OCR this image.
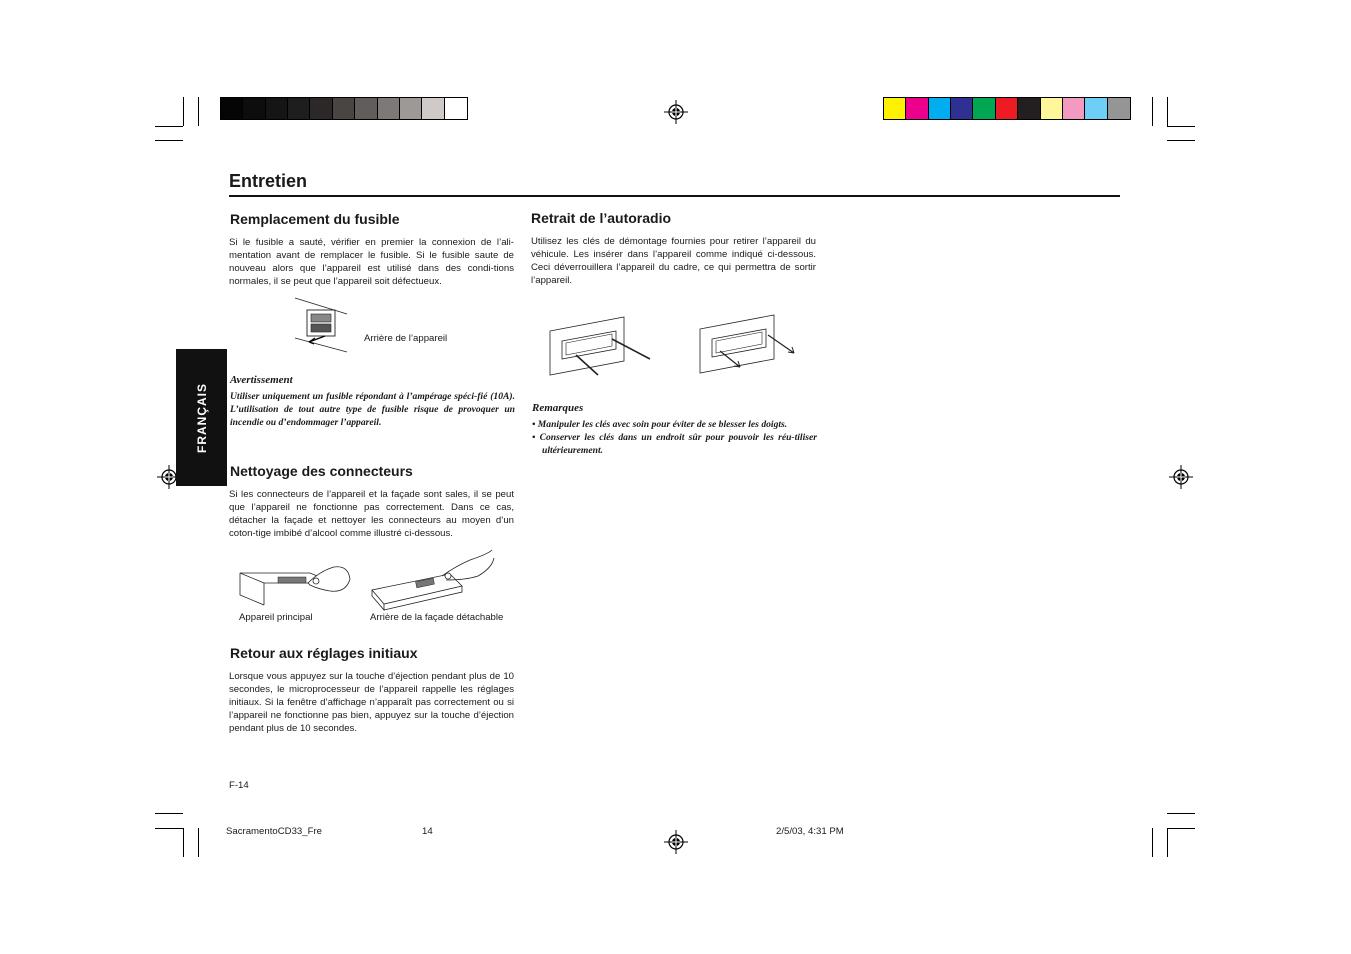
Entretien
FRANÇAIS
Remplacement du fusible

Si le fusible a sauté, vérifier en premier la connexion de l’ali-mentation avant de remplacer le fusible. Si le fusible saute de nouveau alors que l’appareil est utilisé dans des condi-tions normales, il se peut que l’appareil soit défectueux.

Arrière de l’appareil
Avertissement

Utiliser uniquement un fusible répondant à l’ampérage spéci-fié (10A). L’utilisation de tout autre type de fusible risque de provoquer un incendie ou d’endommager l’appareil.

Nettoyage des connecteurs

Si les connecteurs de l’appareil et la façade sont sales, il se peut que l’appareil ne fonctionne pas correctement. Dans ce cas, détacher la façade et nettoyer les connecteurs au moyen d’un coton-tige imbibé d’alcool comme illustré ci-dessous.

Appareil principal	Arrière de la façade détachable
Retour aux réglages initiaux

Lorsque vous appuyez sur la touche d’éjection pendant plus de 10 secondes, le microprocesseur de l’appareil rappelle les réglages initiaux. Si la fenêtre d’affichage n’apparaît pas correctement ou si l’appareil ne fonctionne pas bien, appuyez sur la touche d’éjection pendant plus de 10 secondes.

F-14
Retrait de l’autoradio

Utilisez les clés de démontage fournies pour retirer l’appareil du véhicule. Les insérer dans l’appareil comme indiqué ci-dessous. Ceci déverrouillera l’appareil du cadre, ce qui permettra de sortir l’appareil.

Remarques
• Manipuler les clés avec soin pour éviter de se blesser les doigts.
• Conserver les clés dans un endroit sûr pour pouvoir les réu-tiliser ultérieurement.
SacramentoCD33_Fre	14	2/5/03, 4:31 PM
